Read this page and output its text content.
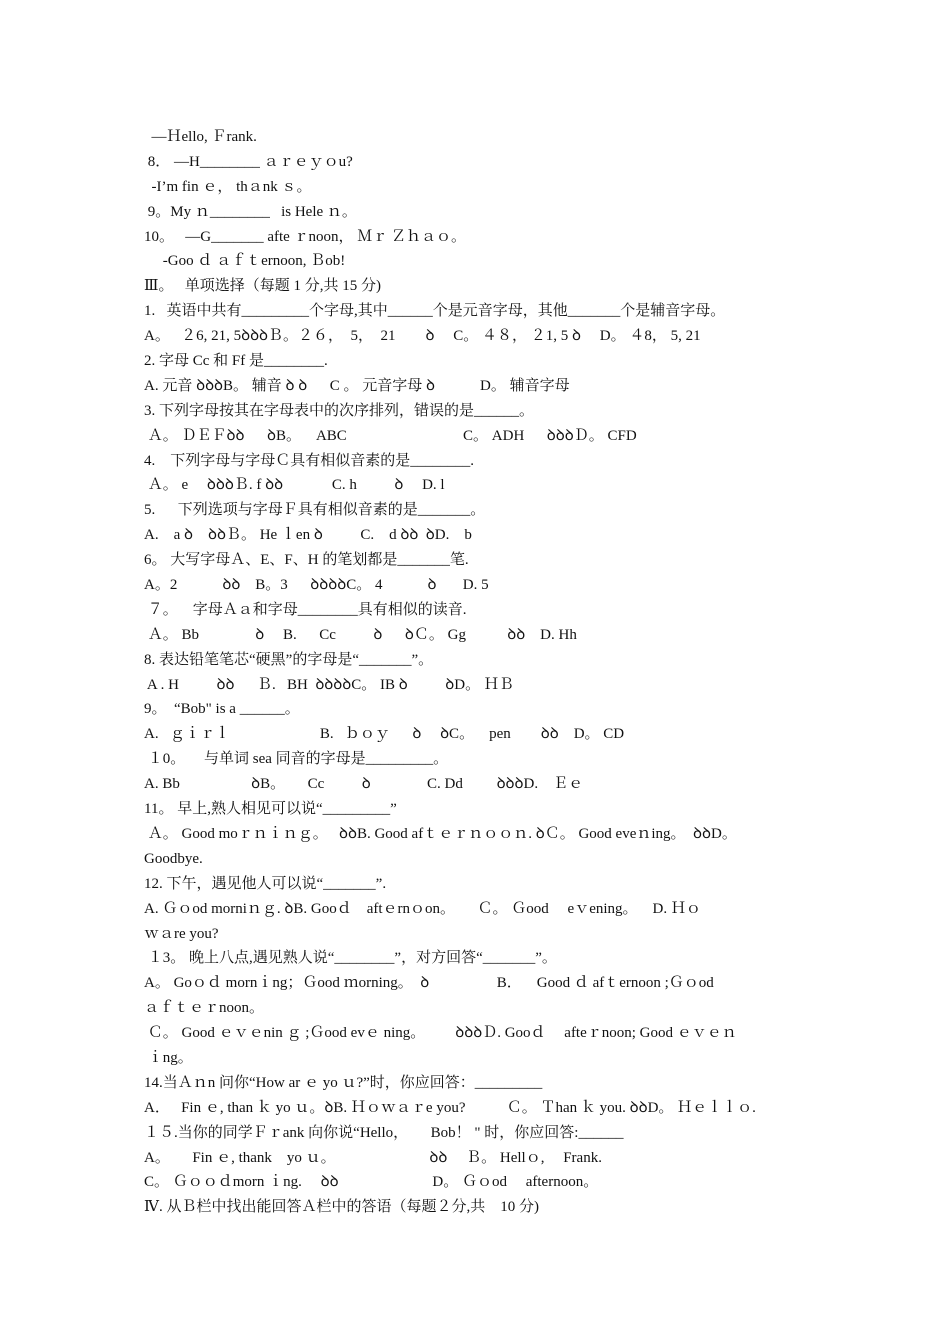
—Ｈello, Ｆrank.
8． —H________ ａｒｅｙｏu?
-I’m fin ｅ， thａnk ｓ。
9。My ｎ________   is Hele ｎ。
10。   —G_______ afte ｒnoon， Ｍｒ Ｚｈａｏ。
-Goo ｄ ａｆｔernoon, Ｂob!
Ⅲ。   单项选择（每题 1 分,共 15 分)
1.   英语中共有_________个字母,其中______个是元音字母，其他_______个是辅音字母。
A。   ２6, 21, 5ꝺꝺꝺＢ。２６，  5，  21        ꝺ     C。 ４８， ２1, 5 ꝺ     D。 ４8， 5, 21
2. 字母 Cc 和 Ff 是________.
A. 元音 ꝺꝺꝺB。 辅音 ꝺ ꝺ      C 。 元音字母 ꝺ            D。 辅音字母
3. 下列字母按其在字母表中的次序排列，错误的是______。
Ａ。 ＤＥＦꝺꝺ      ꝺB。    ABC                               C。 ADH      ꝺꝺꝺＤ。 CFD
4.    下列字母与字母Ｃ具有相似音素的是________.
Ａ。 e     ꝺꝺꝺＢ. f ꝺꝺ             C. h          ꝺ     D. l
5.      下列选项与字母Ｆ具有相似音素的是_______。
A.    a ꝺ    ꝺꝺＢ。 He ｌen ꝺ          C.    d ꝺꝺ  ꝺD.    b
6。 大写字母Ａ、E、F、H 的笔划都是_______笔.
A。2            ꝺꝺ    B。3      ꝺꝺꝺꝺC。 4            ꝺ       D. 5
７。    字母Ａａ和字母________具有相似的读音.
Ａ。 Bb               ꝺ     B.      Cc          ꝺ      ꝺＣ。 Gg           ꝺꝺ    D. Hh
8. 表达铅笔笔芯“硬黑”的字母是“_______”。
A . H          ꝺꝺ      Ｂ.   BH  ꝺꝺꝺꝺC。 IB ꝺ          ꝺD。 ＨＢ
9。  “Bob" is a ______。
A.   ｇｉｒｌ                        B.   ｂｏｙ      ꝺ     ꝺC。    pen        ꝺꝺ    D。 CD
１0。     与单词 sea 同音的字母是_________。
A. Bb                   ꝺB。      Cc          ꝺ               C. Dd         ꝺꝺꝺD.    Ｅｅ
11。 早上,熟人相见可以说“_________”
Ａ。 Good moｒｎｉｎｇ。   ꝺꝺB. Good afｔｅｒｎｏｏｎ. ꝺＣ。 Good eveｎing。  ꝺꝺD。
Goodbye.
12. 下午，遇见他人可以说“_______”.
A. Ｇｏod morniｎｇ. ꝺB. Gooｄ    aftｅrnｏon。      Ｃ。 Ｇood     eｖening。    D. Ｈｏ
ｗａre you?
１3。 晚上八点,遇见熟人说“________”，对方回答“_______”。
A。 Goｏｄ mornｉng；Ｇood ｍorning。  ꝺ                  B．    Good ｄ afｔernoon ;Ｇｏod
ａｆｔｅｒnoon。
Ｃ。 Good ｅｖｅnin ｇ ;Ｇood evｅ ning。        ꝺꝺꝺＤ. Gooｄ     afteｒnoon; Good ｅｖｅｎ
ｉng。
14.当Ａｎn 问你“How ar ｅ yo ｕ?”时，你应回答：_________
A．   Fin ｅ, than ｋ yo ｕ。ꝺB. Ｈｏｗａｒe you?           Ｃ。 Ｔhan ｋ you. ꝺꝺD。 Ｈｅｌｌｏ.
１５.当你的同学Ｆｒank 向你说“Hello，      Bob！ " 时，你应回答:______
A。      Fin ｅ, thank    yo ｕ。                         ꝺꝺ     Ｂ。 Hellｏ,     Frank.
C。 Ｇｏｏｄmorn ｉng.     ꝺꝺ                         D。 Ｇｏod     afternoon。
Ⅳ. 从Ｂ栏中找出能回答Ａ栏中的答语（每题２分,共    10 分)
